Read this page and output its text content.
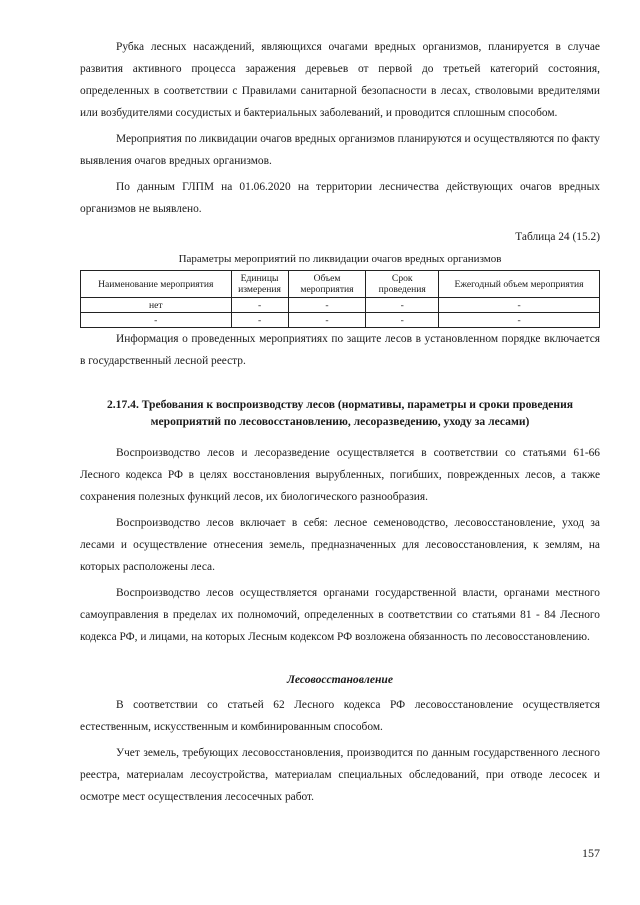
Рубка лесных насаждений, являющихся очагами вредных организмов, планируется в случае развития активного процесса заражения деревьев от первой до третьей категорий состояния, определенных в соответствии с Правилами санитарной безопасности в лесах, стволовыми вредителями или возбудителями сосудистых и бактериальных заболеваний, и проводится сплошным способом.

Мероприятия по ликвидации очагов вредных организмов планируются и осуществляются по факту выявления очагов вредных организмов.

По данным ГЛПМ на 01.06.2020 на территории лесничества действующих очагов вредных организмов не выявлено.

Таблица 24 (15.2)

Параметры мероприятий по ликвидации очагов вредных организмов

Наименование мероприятия	Единицы измерения	Объем мероприятия	Срок проведения	Ежегодный объем мероприятия
нет	-	-	-	-
-	-	-	-	-

Информация о проведенных мероприятиях по защите лесов в установленном порядке включается в государственный лесной реестр.

2.17.4. Требования к воспроизводству лесов (нормативы, параметры и сроки проведения мероприятий по лесовосстановлению, лесоразведению, уходу за лесами)

Воспроизводство лесов и лесоразведение осуществляется в соответствии со статьями 61-66 Лесного кодекса РФ в целях восстановления вырубленных, погибших, поврежденных лесов, а также сохранения полезных функций лесов, их биологического разнообразия.

Воспроизводство лесов включает в себя: лесное семеноводство, лесовосстановление, уход за лесами и осуществление отнесения земель, предназначенных для лесовосстановления, к землям, на которых расположены леса.

Воспроизводство лесов осуществляется органами государственной власти, органами местного самоуправления в пределах их полномочий, определенных в соответствии со статьями 81 - 84 Лесного кодекса РФ, и лицами, на которых Лесным кодексом РФ возложена обязанность по лесовосстановлению.

Лесовосстановление

В соответствии со статьей 62 Лесного кодекса РФ лесовосстановление осуществляется естественным, искусственным и комбинированным способом.

Учет земель, требующих лесовосстановления, производится по данным государственного лесного реестра, материалам лесоустройства, материалам специальных обследований, при отводе лесосек и осмотре мест осуществления лесосечных работ.

157
